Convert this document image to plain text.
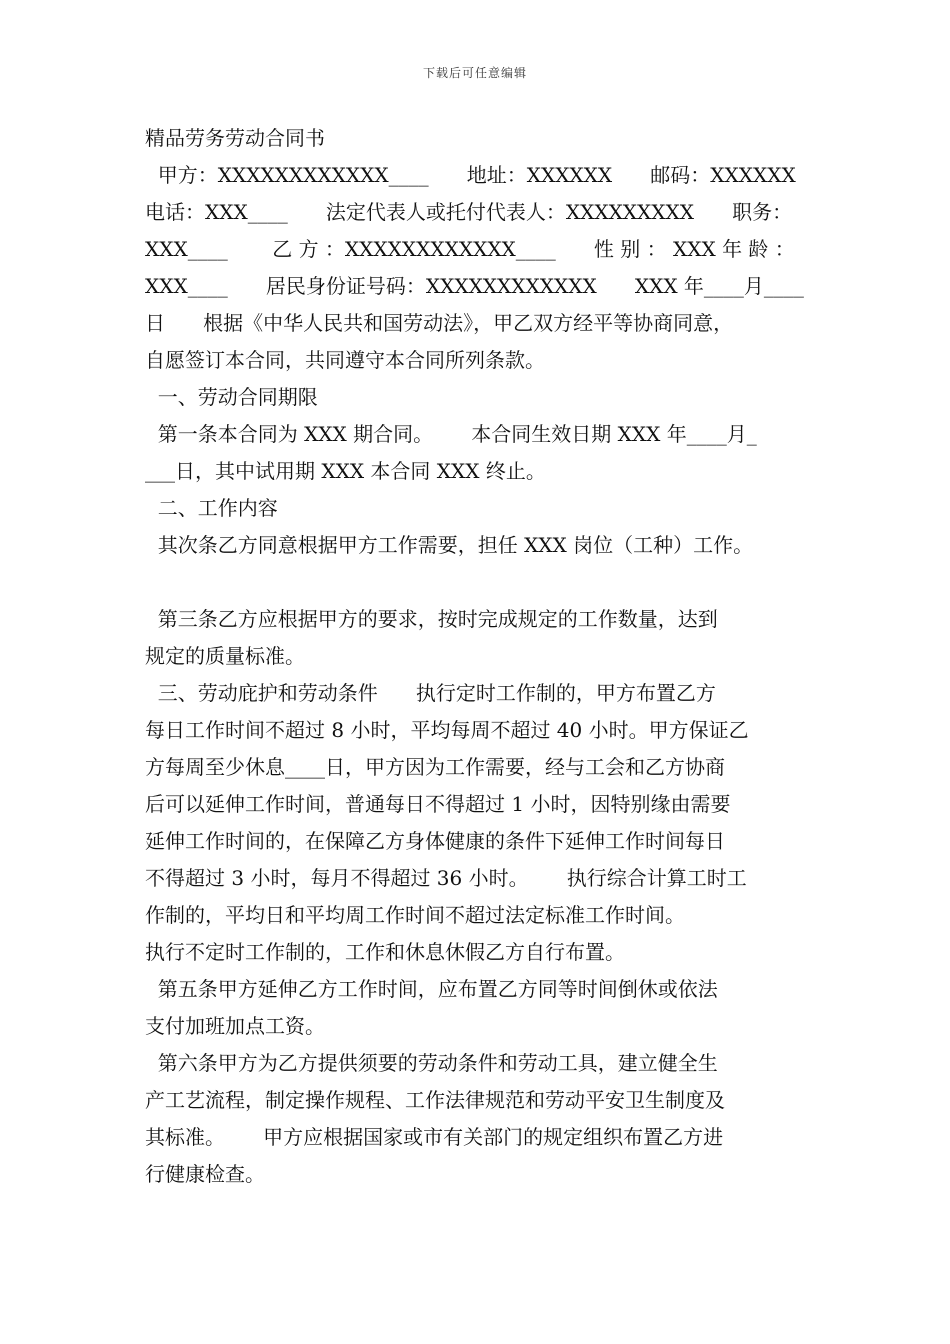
下载后可任意编辑
精品劳务劳动合同书
甲方：XXXXXXXXXXXX____      地址：XXXXXX      邮码：XXXXXX
电话：XXX____      法定代表人或托付代表人：XXXXXXXXX      职务：
XXX____       乙 方 ：XXXXXXXXXXXX____      性 别 ： XXX 年 龄 ：
XXX____      居民身份证号码：XXXXXXXXXXXX      XXX 年____月____
日      根据《中华人民共和国劳动法》，甲乙双方经平等协商同意，
自愿签订本合同，共同遵守本合同所列条款。
一、劳动合同期限
第一条本合同为 XXX 期合同。      本合同生效日期 XXX 年____月_
___日，其中试用期 XXX 本合同 XXX 终止。
二、工作内容
其次条乙方同意根据甲方工作需要，担任 XXX 岗位（工种）工作。
第三条乙方应根据甲方的要求，按时完成规定的工作数量，达到
规定的质量标准。
三、劳动庇护和劳动条件      执行定时工作制的，甲方布置乙方
每日工作时间不超过 8 小时，平均每周不超过 40 小时。甲方保证乙
方每周至少休息____日，甲方因为工作需要，经与工会和乙方协商
后可以延伸工作时间，普通每日不得超过 1 小时，因特别缘由需要
延伸工作时间的，在保障乙方身体健康的条件下延伸工作时间每日
不得超过 3 小时，每月不得超过 36 小时。      执行综合计算工时工
作制的，平均日和平均周工作时间不超过法定标准工作时间。
执行不定时工作制的，工作和休息休假乙方自行布置。
第五条甲方延伸乙方工作时间，应布置乙方同等时间倒休或依法
支付加班加点工资。
第六条甲方为乙方提供须要的劳动条件和劳动工具，建立健全生
产工艺流程，制定操作规程、工作法律规范和劳动平安卫生制度及
其标准。      甲方应根据国家或市有关部门的规定组织布置乙方进
行健康检查。
